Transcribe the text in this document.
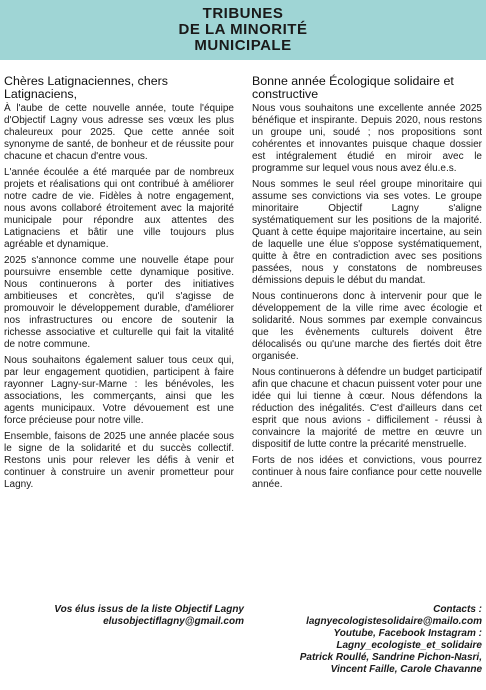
TRIBUNES
DE LA MINORITÉ
MUNICIPALE
Chères Latignaciennes, chers Latignaciens,

À l'aube de cette nouvelle année, toute l'équipe d'Objectif Lagny vous adresse ses vœux les plus chaleureux pour 2025. Que cette année soit synonyme de santé, de bonheur et de réussite pour chacune et chacun d'entre vous.

L'année écoulée a été marquée par de nombreux projets et réalisations qui ont contribué à améliorer notre cadre de vie. Fidèles à notre engagement, nous avons collaboré étroitement avec la majorité municipale pour répondre aux attentes des Latignaciens et bâtir une ville toujours plus agréable et dynamique.

2025 s'annonce comme une nouvelle étape pour poursuivre ensemble cette dynamique positive. Nous continuerons à porter des initiatives ambitieuses et concrètes, qu'il s'agisse de promouvoir le développement durable, d'améliorer nos infrastructures ou encore de soutenir la richesse associative et culturelle qui fait la vitalité de notre commune.

Nous souhaitons également saluer tous ceux qui, par leur engagement quotidien, participent à faire rayonner Lagny-sur-Marne : les bénévoles, les associations, les commerçants, ainsi que les agents municipaux. Votre dévouement est une force précieuse pour notre ville.

Ensemble, faisons de 2025 une année placée sous le signe de la solidarité et du succès collectif. Restons unis pour relever les défis à venir et continuer à construire un avenir prometteur pour Lagny.

Vos élus issus de la liste Objectif Lagny
elusobjectiflagny@gmail.com
Bonne année Écologique solidaire et constructive

Nous vous souhaitons une excellente année 2025 bénéfique et inspirante. Depuis 2020, nous restons un groupe uni, soudé ; nos propositions sont cohérentes et innovantes puisque chaque dossier est intégralement étudié en miroir avec le programme sur lequel vous nous avez élu.e.s.

Nous sommes le seul réel groupe minoritaire qui assume ses convictions via ses votes. Le groupe minoritaire Objectif Lagny s'aligne systématiquement sur les positions de la majorité. Quant à cette équipe majoritaire incertaine, au sein de laquelle une élue s'oppose systématiquement, quitte à être en contradiction avec ses positions passées, nous y constatons de nombreuses démissions depuis le début du mandat.

Nous continuerons donc à intervenir pour que le développement de la ville rime avec écologie et solidarité. Nous sommes par exemple convaincus que les évènements culturels doivent être délocalisés ou qu'une marche des fiertés doit être organisée.

Nous continuerons à défendre un budget participatif afin que chacune et chacun puissent voter pour une idée qui lui tienne à cœur. Nous défendons la réduction des inégalités. C'est d'ailleurs dans cet esprit que nous avions - difficilement - réussi à convaincre la majorité de mettre en œuvre un dispositif de lutte contre la précarité menstruelle.

Forts de nos idées et convictions, vous pourrez continuer à nous faire confiance pour cette nouvelle année.

Contacts :
lagnyecologistesolidaire@mailo.com
Youtube, Facebook Instagram :
Lagny_ecologiste_et_solidaire
Patrick Roullé, Sandrine Pichon-Nasri,
Vincent Faille, Carole Chavanne
